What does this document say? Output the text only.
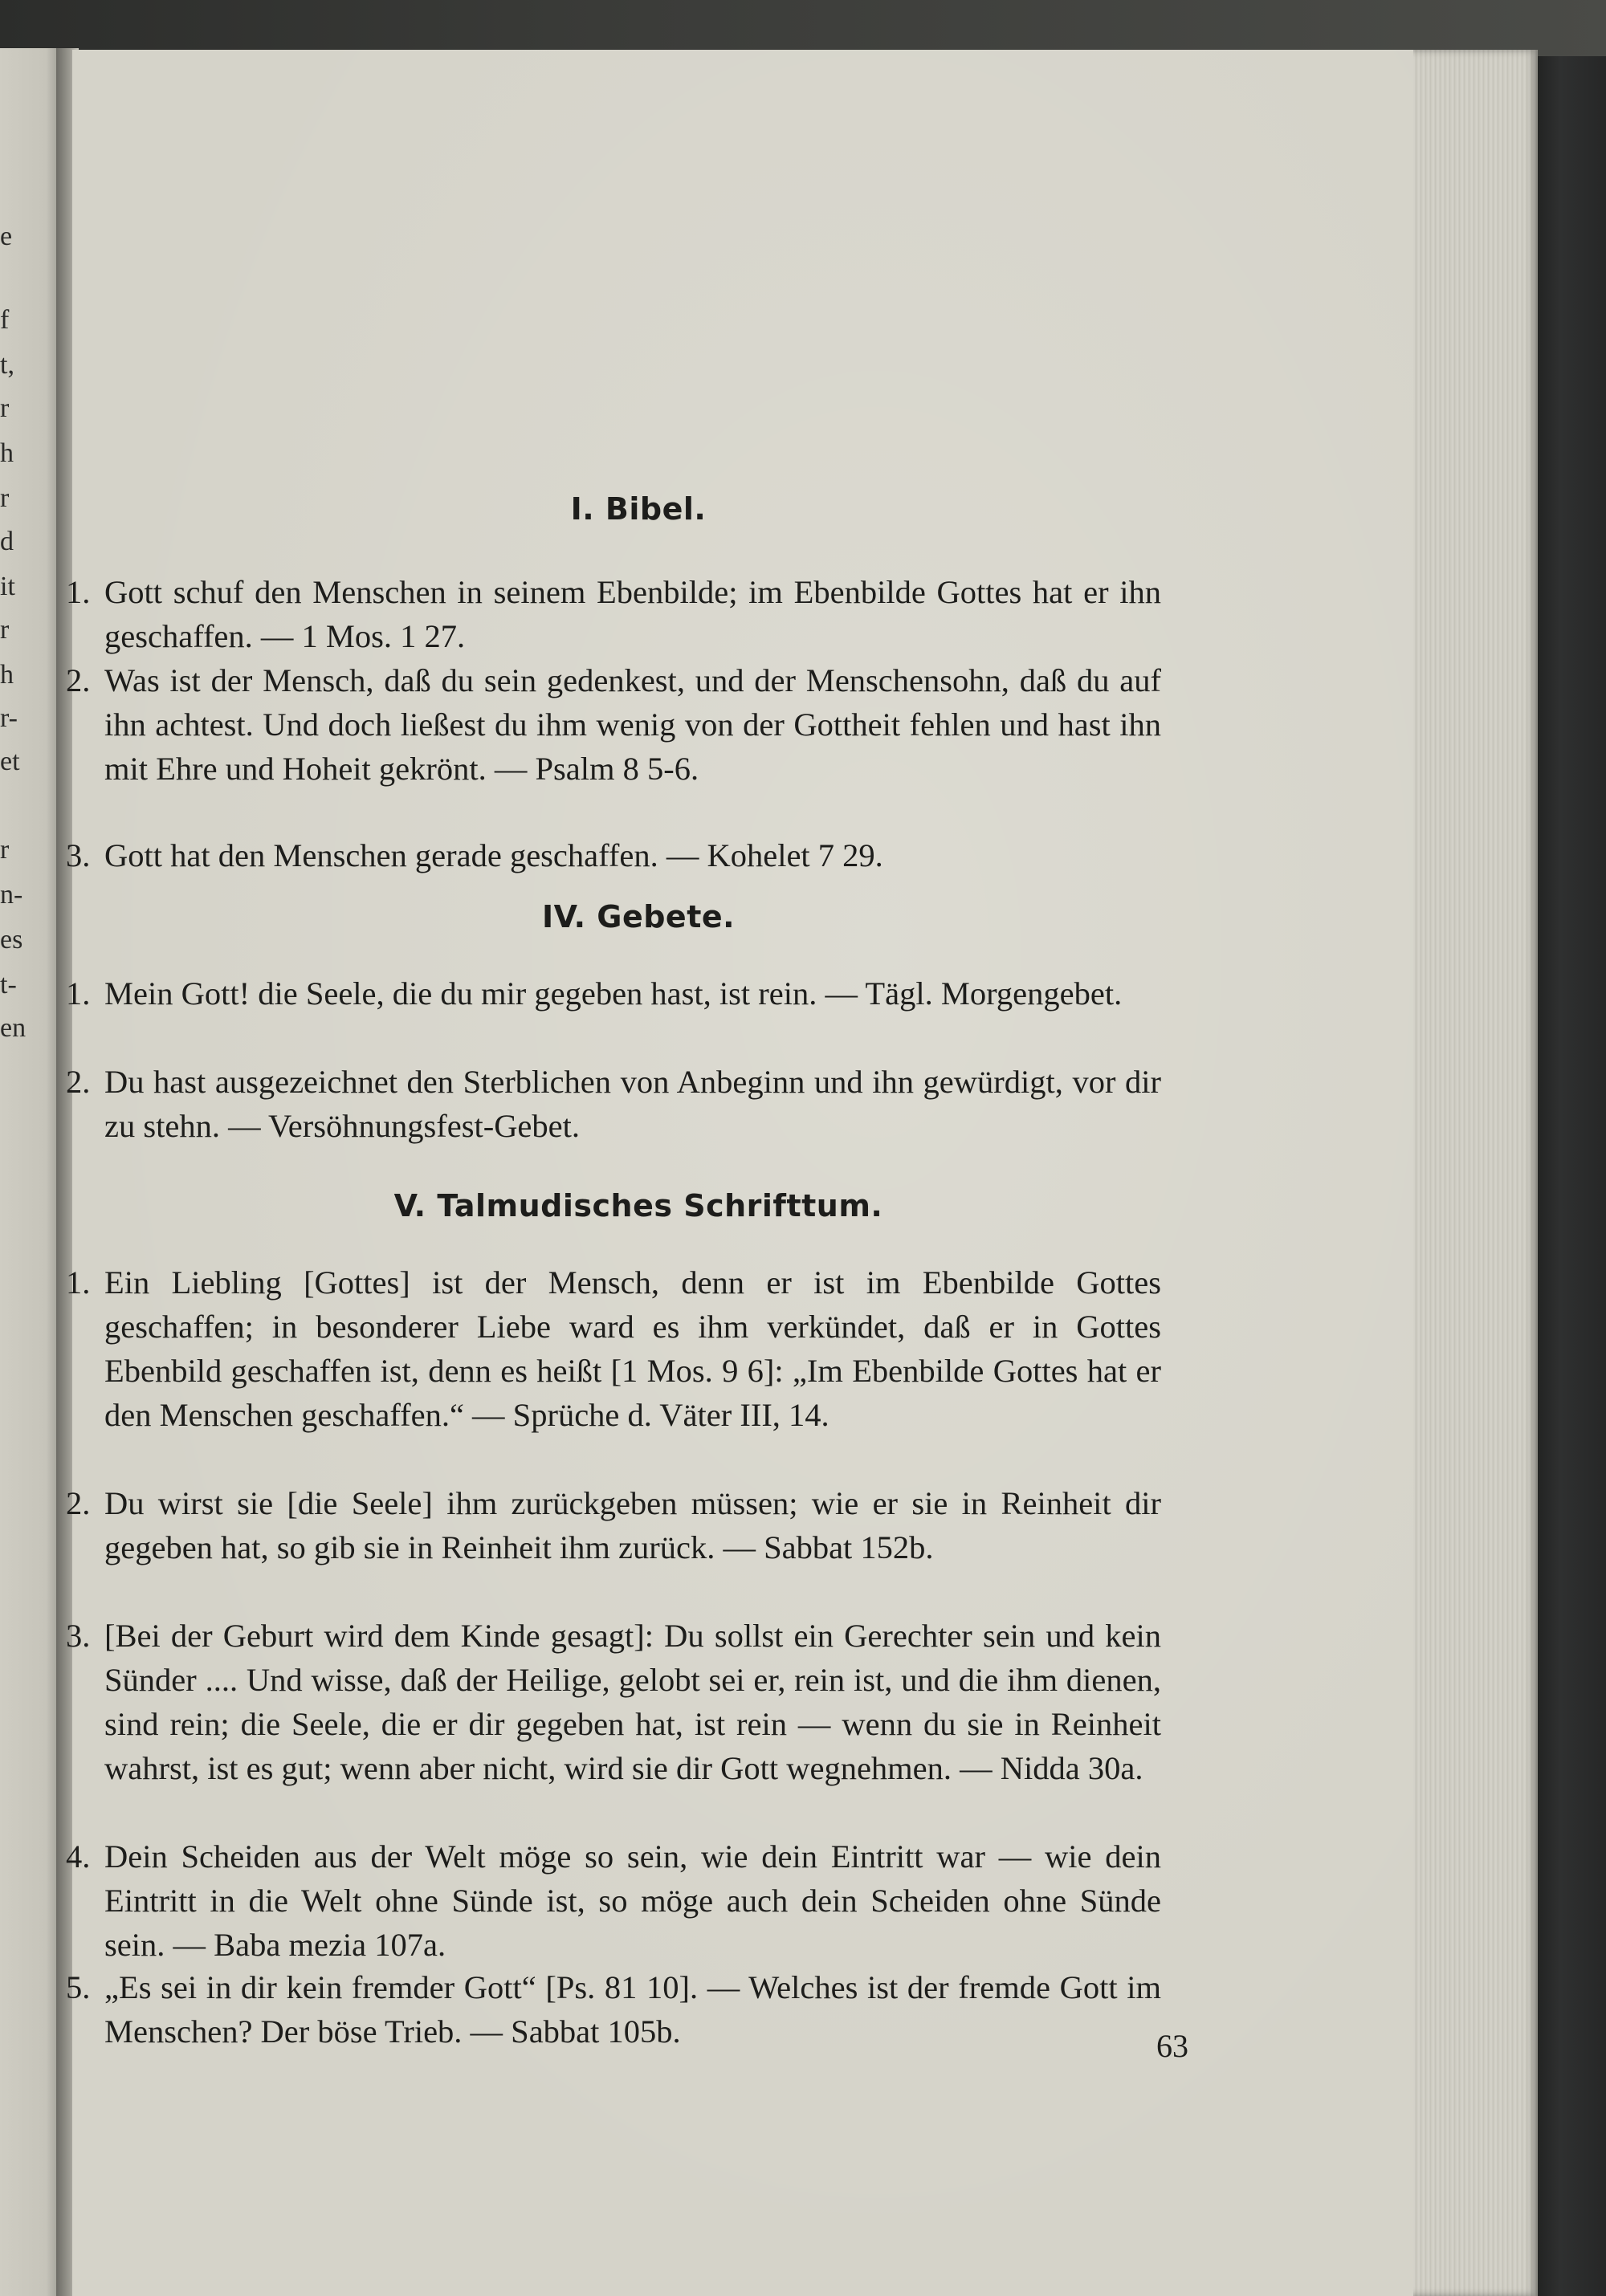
e
f
t,
r
h
r
d
it
r
h
r-
et
r
n-
es
t-
en
I. Bibel.
1. Gott schuf den Menschen in seinem Ebenbilde; im Ebenbilde Gottes hat er ihn geschaffen. — 1 Mos. 1 27.
2. Was ist der Mensch, daß du sein gedenkest, und der Menschensohn, daß du auf ihn achtest. Und doch ließest du ihm wenig von der Gottheit fehlen und hast ihn mit Ehre und Hoheit gekrönt. — Psalm 8 5-6.
3. Gott hat den Menschen gerade geschaffen. — Kohelet 7 29.
IV. Gebete.
1. Mein Gott! die Seele, die du mir gegeben hast, ist rein. — Tägl. Morgengebet.
2. Du hast ausgezeichnet den Sterblichen von Anbeginn und ihn gewürdigt, vor dir zu stehn. — Versöhnungsfest-Gebet.
V. Talmudisches Schrifttum.
1. Ein Liebling [Gottes] ist der Mensch, denn er ist im Ebenbilde Gottes geschaffen; in besonderer Liebe ward es ihm verkündet, daß er in Gottes Ebenbild geschaffen ist, denn es heißt [1 Mos. 9 6]: „Im Ebenbilde Gottes hat er den Menschen geschaffen.“ — Sprüche d. Väter III, 14.
2. Du wirst sie [die Seele] ihm zurückgeben müssen; wie er sie in Reinheit dir gegeben hat, so gib sie in Reinheit ihm zurück. — Sabbat 152b.
3. [Bei der Geburt wird dem Kinde gesagt]: Du sollst ein Gerechter sein und kein Sünder .... Und wisse, daß der Heilige, gelobt sei er, rein ist, und die ihm dienen, sind rein; die Seele, die er dir gegeben hat, ist rein — wenn du sie in Reinheit wahrst, ist es gut; wenn aber nicht, wird sie dir Gott wegnehmen. — Nidda 30a.
4. Dein Scheiden aus der Welt möge so sein, wie dein Eintritt war — wie dein Eintritt in die Welt ohne Sünde ist, so möge auch dein Scheiden ohne Sünde sein. — Baba mezia 107a.
5. „Es sei in dir kein fremder Gott“ [Ps. 81 10]. — Welches ist der fremde Gott im Menschen? Der böse Trieb. — Sabbat 105b.	63
